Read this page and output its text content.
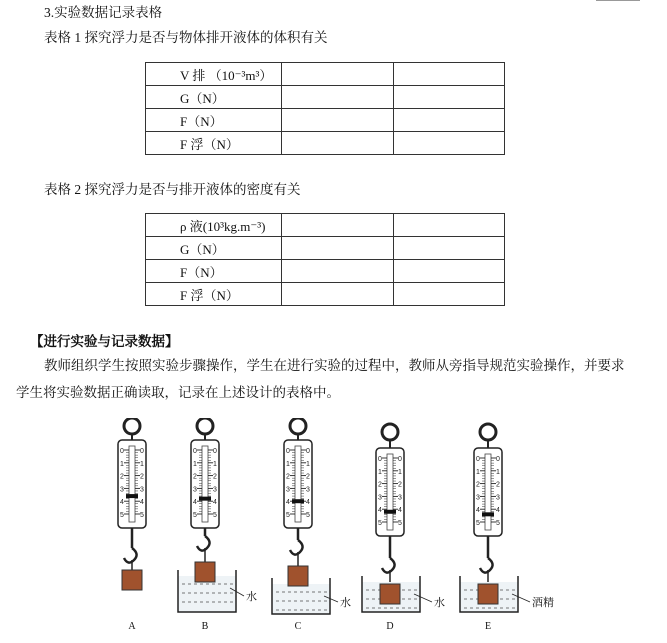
3.实验数据记录表格
表格 1 探究浮力是否与物体排开液体的体积有关
V 排 （10⁻³m³）		
G（N）		
F（N）		
F 浮（N）		
表格 2 探究浮力是否与排开液体的密度有关
ρ 液(10³kg.m⁻³)		
G（N）		
F（N）		
F 浮（N）		
【进行实验与记录数据】
教师组织学生按照实验步骤操作，学生在进行实验的过程中，教师从旁指导规范实验操作，并要求
学生将实验数据正确读取，记录在上述设计的表格中。
0 0
1 1
2 2
3 3
4 4
5 5
A
0 0
1 1
2 2
3 3
4 4
5 5
水
B
0 0
1 1
2 2
3 3
4 4
5 5
水
C
0 0
1 1
2 2
3 3
4 4
5 5
水
D
0 0
1 1
2 2
3 3
4 4
5 5
酒精
E
